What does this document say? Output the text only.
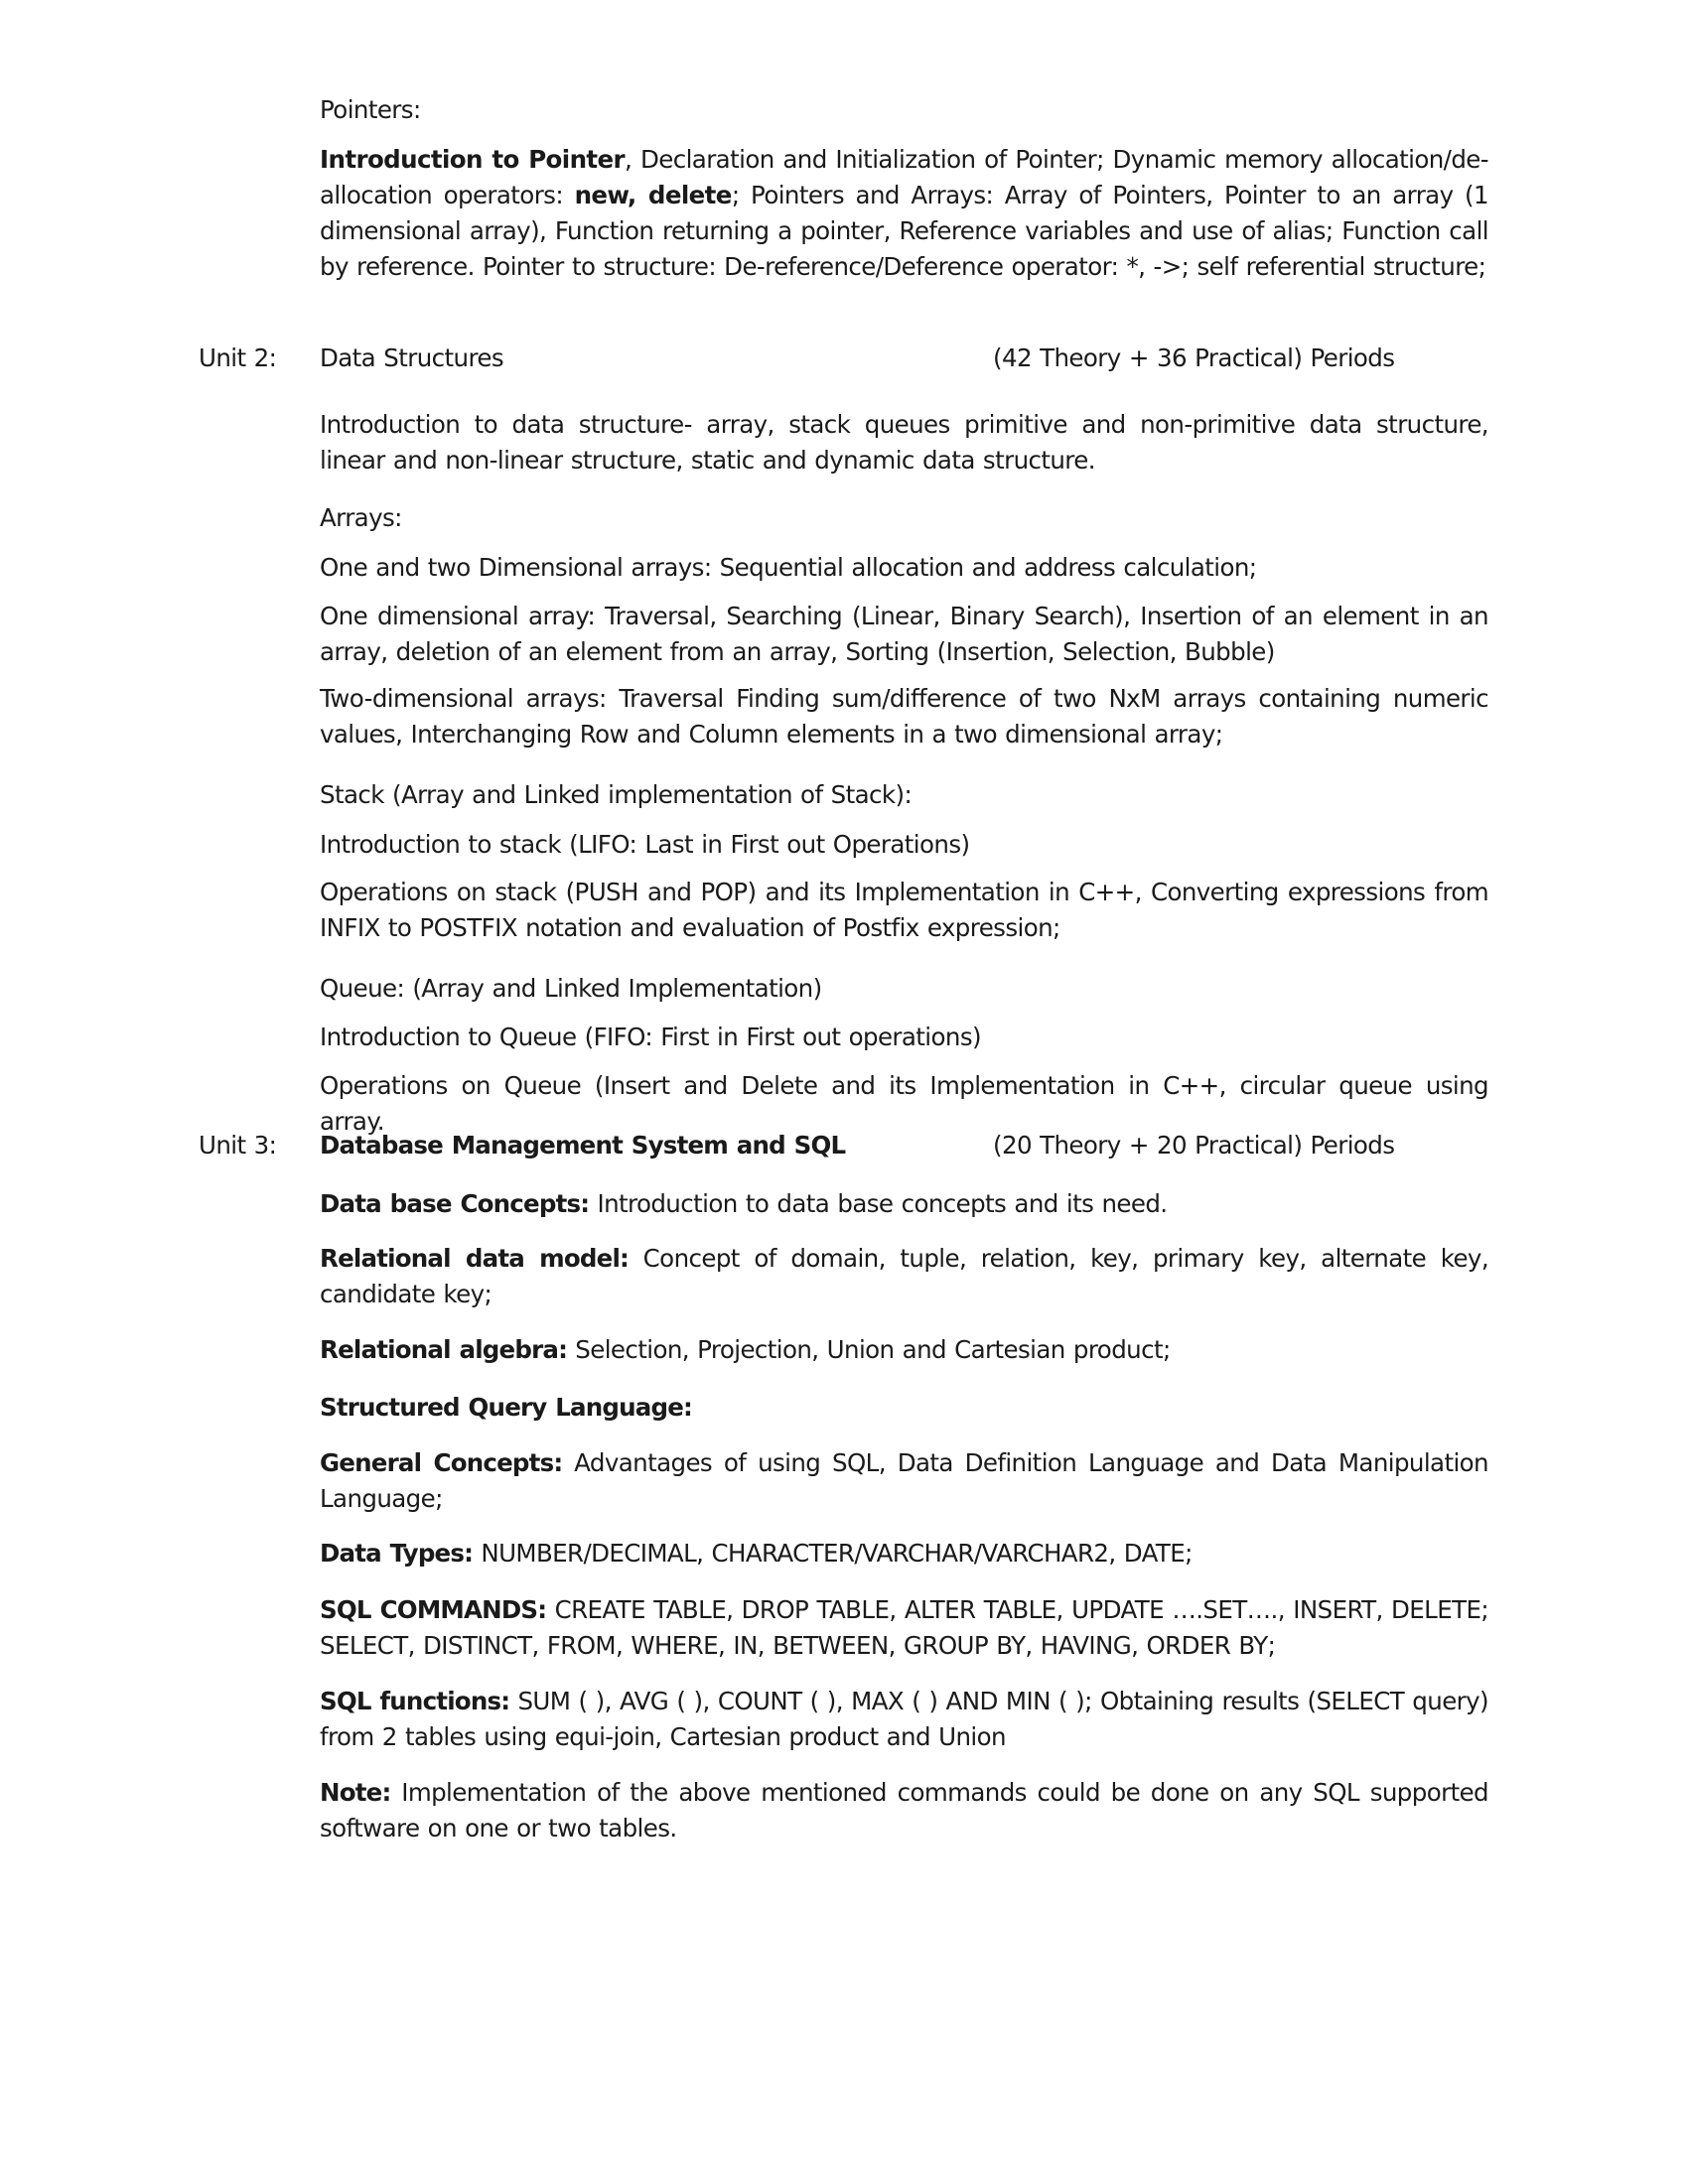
Pointers:

Introduction to Pointer, Declaration and Initialization of Pointer; Dynamic memory allocation/de-allocation operators: new, delete; Pointers and Arrays: Array of Pointers, Pointer to an array (1 dimensional array), Function returning a pointer, Reference variables and use of alias; Function call by reference. Pointer to structure: De-reference/Deference operator: *, ->; self referential structure;

Unit 2: Data Structures	(42 Theory + 36 Practical) Periods

Introduction to data structure- array, stack queues primitive and non-primitive data structure, linear and non-linear structure, static and dynamic data structure.

Arrays:

One and two Dimensional arrays: Sequential allocation and address calculation;

One dimensional array: Traversal, Searching (Linear, Binary Search), Insertion of an element in an array, deletion of an element from an array, Sorting (Insertion, Selection, Bubble)

Two-dimensional arrays: Traversal Finding sum/difference of two NxM arrays containing numeric values, Interchanging Row and Column elements in a two dimensional array;

Stack (Array and Linked implementation of Stack):

Introduction to stack (LIFO: Last in First out Operations)

Operations on stack (PUSH and POP) and its Implementation in C++, Converting expressions from INFIX to POSTFIX notation and evaluation of Postfix expression;

Queue: (Array and Linked Implementation)

Introduction to Queue (FIFO: First in First out operations)

Operations on Queue (Insert and Delete and its Implementation in C++, circular queue using array.

Unit 3: Database Management System and SQL	(20 Theory + 20 Practical) Periods

Data base Concepts: Introduction to data base concepts and its need.

Relational data model: Concept of domain, tuple, relation, key, primary key, alternate key, candidate key;

Relational algebra: Selection, Projection, Union and Cartesian product;

Structured Query Language:

General Concepts: Advantages of using SQL, Data Definition Language and Data Manipulation Language;

Data Types: NUMBER/DECIMAL, CHARACTER/VARCHAR/VARCHAR2, DATE;

SQL COMMANDS: CREATE TABLE, DROP TABLE, ALTER TABLE, UPDATE ….SET…., INSERT, DELETE; SELECT, DISTINCT, FROM, WHERE, IN, BETWEEN, GROUP BY, HAVING, ORDER BY;

SQL functions: SUM ( ), AVG ( ), COUNT ( ), MAX ( ) AND MIN ( ); Obtaining results (SELECT query) from 2 tables using equi-join, Cartesian product and Union

Note: Implementation of the above mentioned commands could be done on any SQL supported software on one or two tables.
